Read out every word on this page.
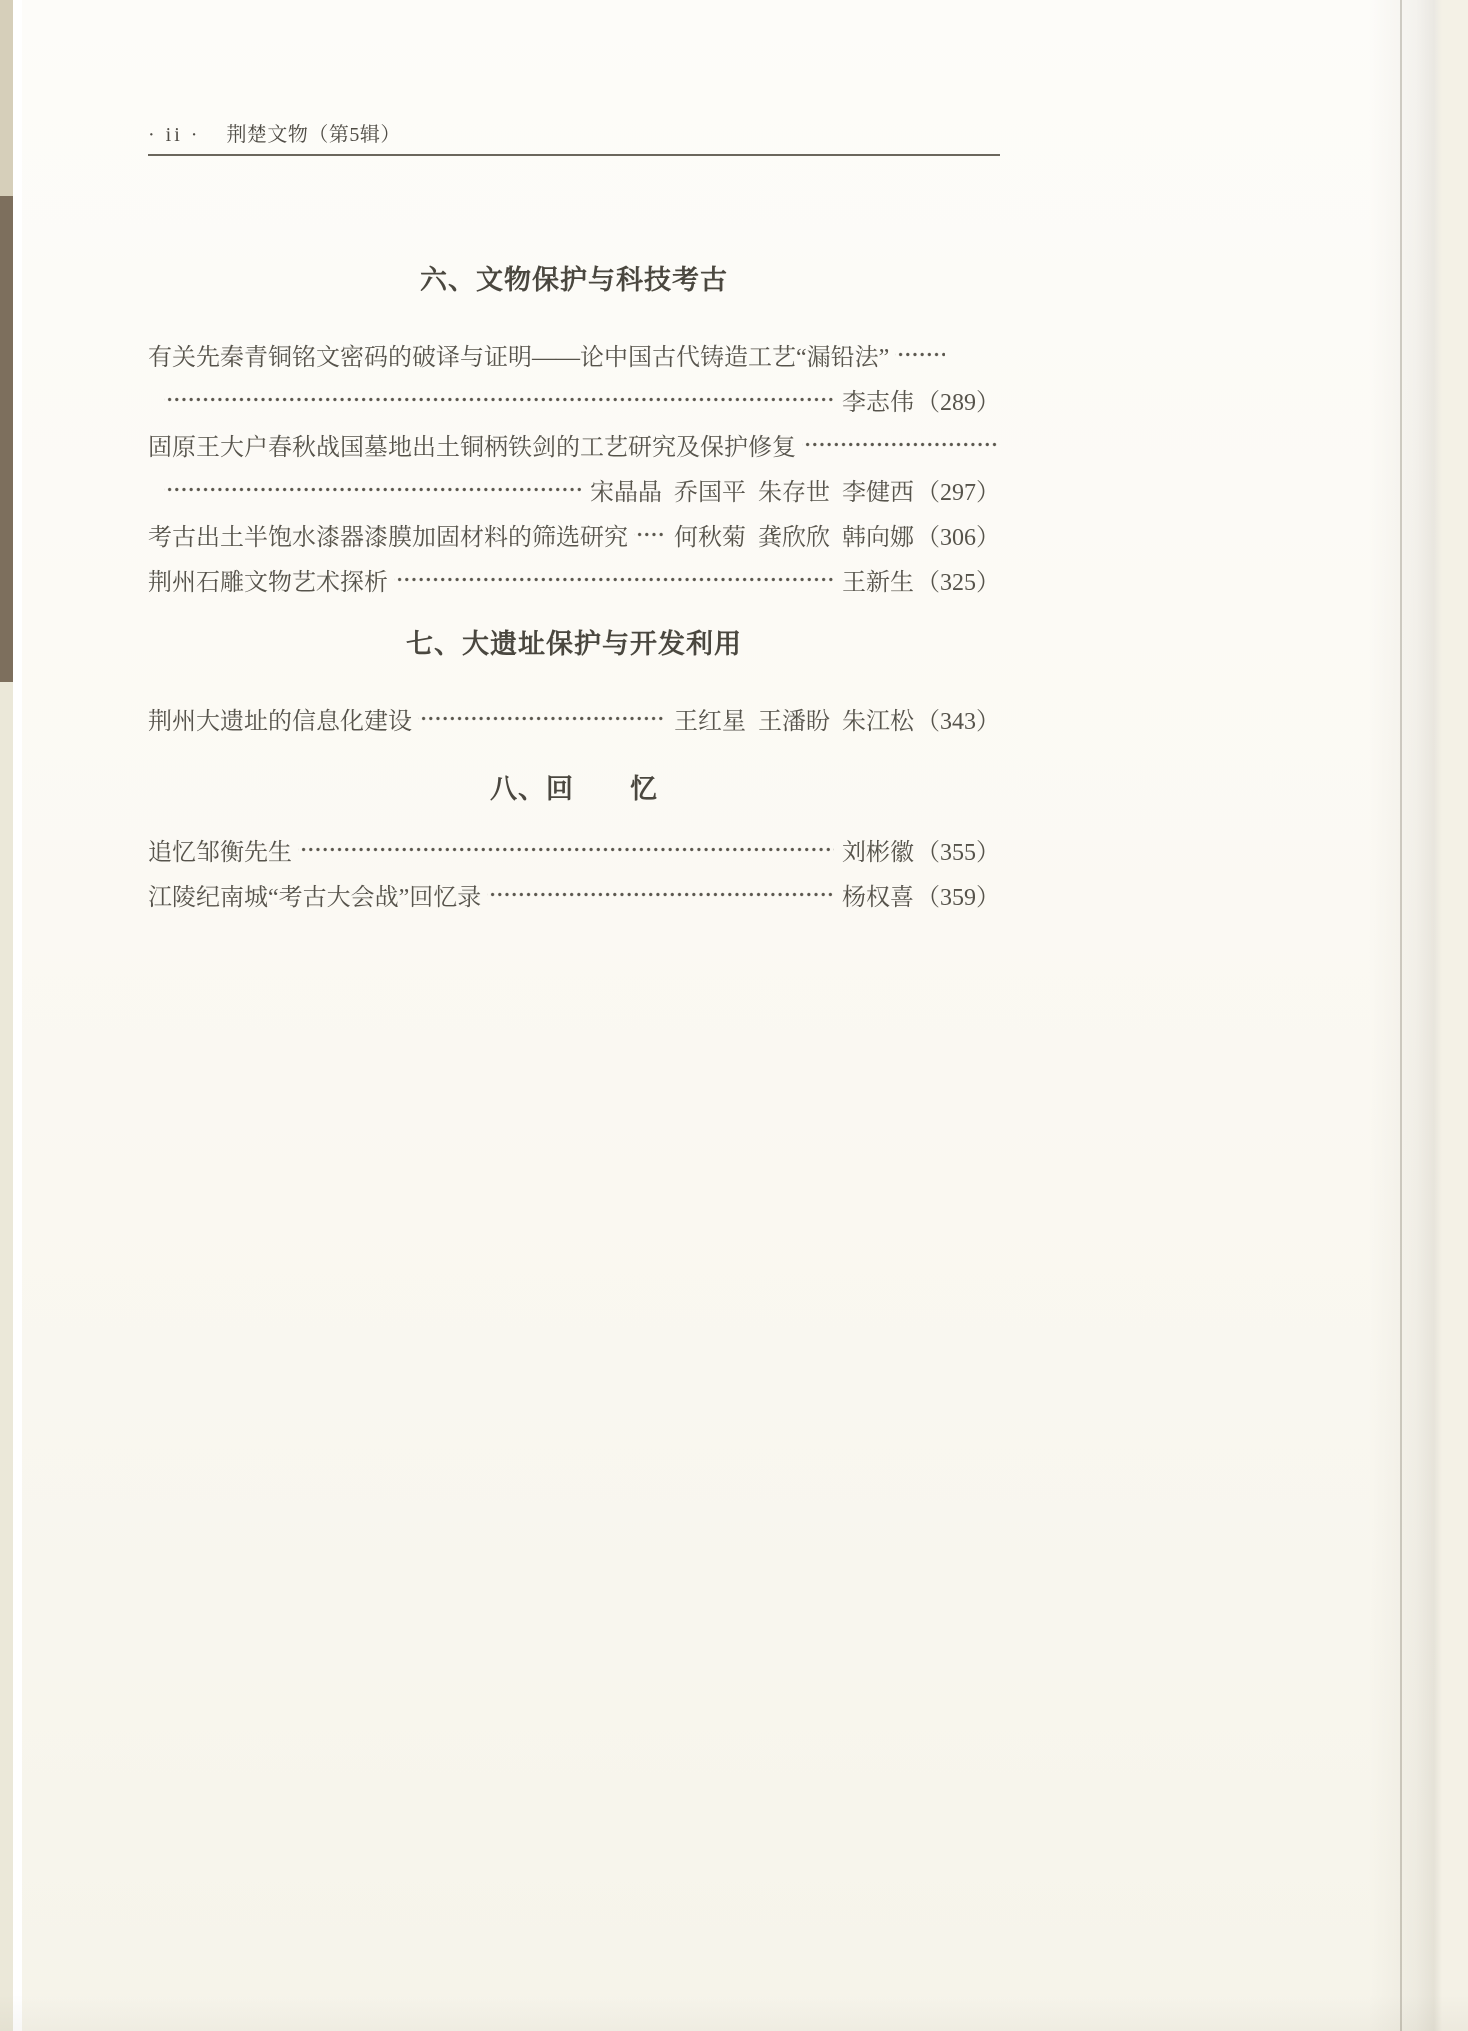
· ii · 荆楚文物（第5辑）
六、文物保护与科技考古
有关先秦青铜铭文密码的破译与证明——论中国古代铸造工艺“漏铅法”
李志伟 （289）
固原王大户春秋战国墓地出土铜柄铁剑的工艺研究及保护修复
宋晶晶 乔国平 朱存世 李健西 （297）
考古出土半饱水漆器漆膜加固材料的筛选研究 何秋菊 龚欣欣 韩向娜 （306）
荆州石雕文物艺术探析	王新生 （325）
七、大遗址保护与开发利用
荆州大遗址的信息化建设	王红星 王潘盼 朱江松 （343）
八、回　　忆
追忆邹衡先生	刘彬徽 （355）
江陵纪南城“考古大会战”回忆录	杨权喜 （359）
